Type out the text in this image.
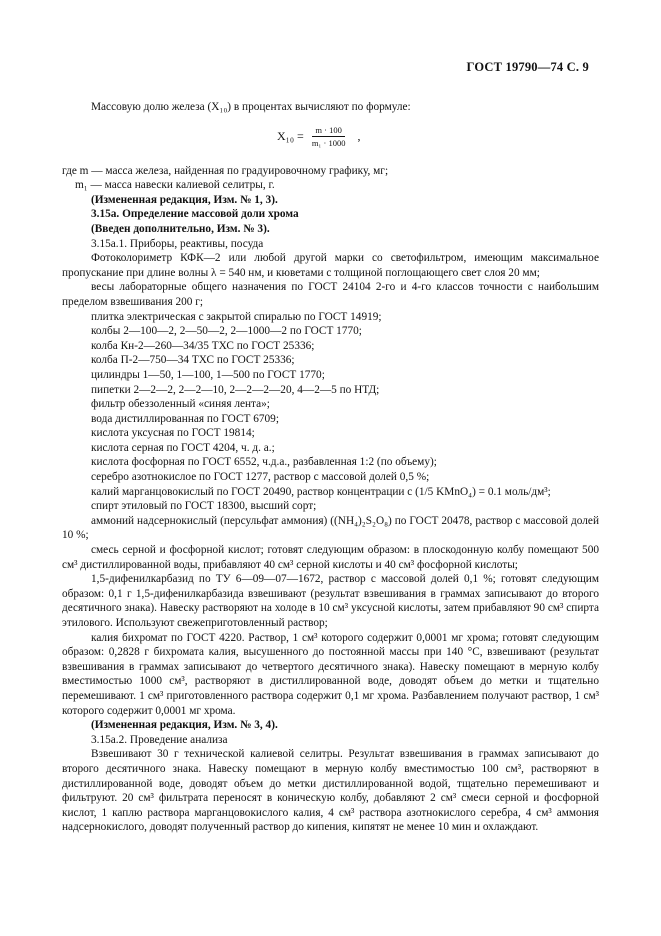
ГОСТ 19790—74 С. 9

Массовую долю железа (X₁₀) в процентах вычисляют по формуле:

$X_{10} = \frac{m \cdot 100}{\text{m₁ · 1000}}$ ,

где m — масса железа, найденная по градуировочному графику, мг;

m₁ — масса навески калиевой селитры, г.

(Измененная редакция, Изм. № 1, 3).

3.15а. Определение массовой доли хрома

(Введен дополнительно, Изм. № 3).

3.15а.1. Приборы, реактивы, посуда

Фотоколориметр КФК—2 или любой другой марки со светофильтром, имеющим максимальное пропускание при длине волны λ = 540 нм, и кюветами с толщиной поглощающего свет слоя 20 мм;

весы лабораторные общего назначения по ГОСТ 24104 2-го и 4-го классов точности с наибольшим пределом взвешивания 200 г;

плитка электрическая с закрытой спиралью по ГОСТ 14919;

колбы 2—100—2, 2—50—2, 2—1000—2 по ГОСТ 1770;

колба Кн-2—260—34/35 ТХС по ГОСТ 25336;

колба П-2—750—34 ТХС по ГОСТ 25336;

цилиндры 1—50, 1—100, 1—500 по ГОСТ 1770;

пипетки 2—2—2, 2—2—10, 2—2—2—20, 4—2—5 по НТД;

фильтр обеззоленный «синяя лента»;

вода дистиллированная по ГОСТ 6709;

кислота уксусная по ГОСТ 19814;

кислота серная по ГОСТ 4204, ч. д. а.;

кислота фосфорная по ГОСТ 6552, ч.д.а., разбавленная 1:2 (по объему);

серебро азотнокислое по ГОСТ 1277, раствор с массовой долей 0,5 %;

калий марганцовокислый по ГОСТ 20490, раствор концентрации c (1/5 KMnO₄) = 0.1 моль/дм³;

спирт этиловый по ГОСТ 18300, высший сорт;

аммоний надсернокислый (персульфат аммония) ((NH₄)₂S₂O₈) по ГОСТ 20478, раствор с массовой долей 10 %;

смесь серной и фосфорной кислот; готовят следующим образом: в плоскодонную колбу помещают 500 см³ дистиллированной воды, прибавляют 40 см³ серной кислоты и 40 см³ фосфорной кислоты;

1,5-дифенилкарбазид по ТУ 6—09—07—1672, раствор с массовой долей 0,1 %; готовят следующим образом: 0,1 г 1,5-дифенилкарбазида взвешивают (результат взвешивания в граммах записывают до второго десятичного знака). Навеску растворяют на холоде в 10 см³ уксусной кислоты, затем прибавляют 90 см³ спирта этилового. Используют свежеприготовленный раствор;

калия бихромат по ГОСТ 4220. Раствор, 1 см³ которого содержит 0,0001 мг хрома; готовят следующим образом: 0,2828 г бихромата калия, высушенного до постоянной массы при 140 °С, взвешивают (результат взвешивания в граммах записывают до четвертого десятичного знака). Навеску помещают в мерную колбу вместимостью 1000 см³, растворяют в дистиллированной воде, доводят объем до метки и тщательно перемешивают. 1 см³ приготовленного раствора содержит 0,1 мг хрома. Разбавлением получают раствор, 1 см³ которого содержит 0,0001 мг хрома.

(Измененная редакция, Изм. № 3, 4).

3.15а.2. Проведение анализа

Взвешивают 30 г технической калиевой селитры. Результат взвешивания в граммах записывают до второго десятичного знака. Навеску помещают в мерную колбу вместимостью 100 см³, растворяют в дистиллированной воде, доводят объем до метки дистиллированной водой, тщательно перемешивают и фильтруют. 20 см³ фильтрата переносят в коническую колбу, добавляют 2 см³ смеси серной и фосфорной кислот, 1 каплю раствора марганцовокислого калия, 4 см³ раствора азотнокислого серебра, 4 см³ аммония надсернокислого, доводят полученный раствор до кипения, кипятят не менее 10 мин и охлаждают.
